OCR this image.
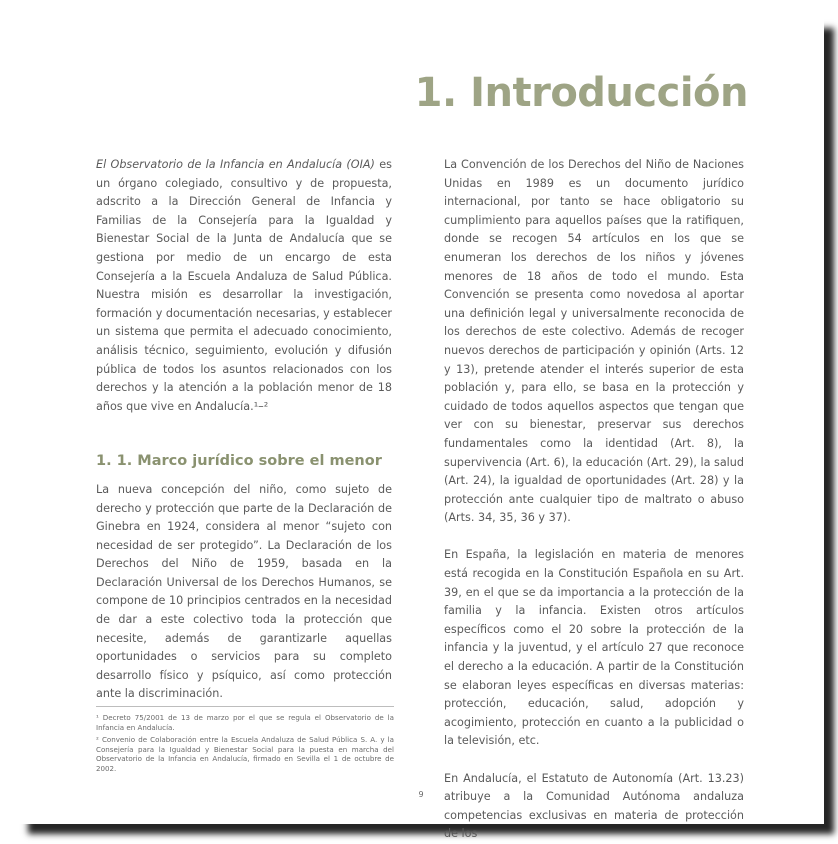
1. Introducción

El Observatorio de la Infancia en Andalucía (OIA) es un órgano colegiado, consultivo y de propuesta, adscrito a la Dirección General de Infancia y Familias de la Consejería para la Igualdad y Bienestar Social de la Junta de Andalucía que se gestiona por medio de un encargo de esta Consejería a la Escuela Andaluza de Salud Pública. Nuestra misión es desarrollar la investigación, formación y documentación necesarias, y establecer un sistema que permita el adecuado conocimiento, análisis técnico, seguimiento, evolución y difusión pública de todos los asuntos relacionados con los derechos y la atención a la población menor de 18 años que vive en Andalucía.¹–²

1. 1. Marco jurídico sobre el menor

La nueva concepción del niño, como sujeto de derecho y protección que parte de la Declaración de Ginebra en 1924, considera al menor “sujeto con necesidad de ser protegido”. La Declaración de los Derechos del Niño de 1959, basada en la Declaración Universal de los Derechos Humanos, se compone de 10 principios centrados en la necesidad de dar a este colectivo toda la protección que necesite, además de garantizarle aquellas oportunidades o servicios para su completo desarrollo físico y psíquico, así como protección ante la discriminación.

La Convención de los Derechos del Niño de Naciones Unidas en 1989 es un documento jurídico internacional, por tanto se hace obligatorio su cumplimiento para aquellos países que la ratifiquen, donde se recogen 54 artículos en los que se enumeran los derechos de los niños y jóvenes menores de 18 años de todo el mundo. Esta Convención se presenta como novedosa al aportar una definición legal y universalmente reconocida de los derechos de este colectivo. Además de recoger nuevos derechos de participación y opinión (Arts. 12 y 13), pretende atender el interés superior de esta población y, para ello, se basa en la protección y cuidado de todos aquellos aspectos que tengan que ver con su bienestar, preservar sus derechos fundamentales como la identidad (Art. 8), la supervivencia (Art. 6), la educación (Art. 29), la salud (Art. 24), la igualdad de oportunidades (Art. 28) y la protección ante cualquier tipo de maltrato o abuso (Arts. 34, 35, 36 y 37).

En España, la legislación en materia de menores está recogida en la Constitución Española en su Art. 39, en el que se da importancia a la protección de la familia y la infancia. Existen otros artículos específicos como el 20 sobre la protección de la infancia y la juventud, y el artículo 27 que reconoce el derecho a la educación. A partir de la Constitución se elaboran leyes específicas en diversas materias: protección, educación, salud, adopción y acogimiento, protección en cuanto a la publicidad o la televisión, etc.

En Andalucía, el Estatuto de Autonomía (Art. 13.23) atribuye a la Comunidad Autónoma andaluza competencias exclusivas en materia de protección de los

¹ Decreto 75/2001 de 13 de marzo por el que se regula el Observatorio de la Infancia en Andalucía.

² Convenio de Colaboración entre la Escuela Andaluza de Salud Pública S. A. y la Consejería para la Igualdad y Bienestar Social para la puesta en marcha del Observatorio de la Infancia en Andalucía, firmado en Sevilla el 1 de octubre de 2002.

9
